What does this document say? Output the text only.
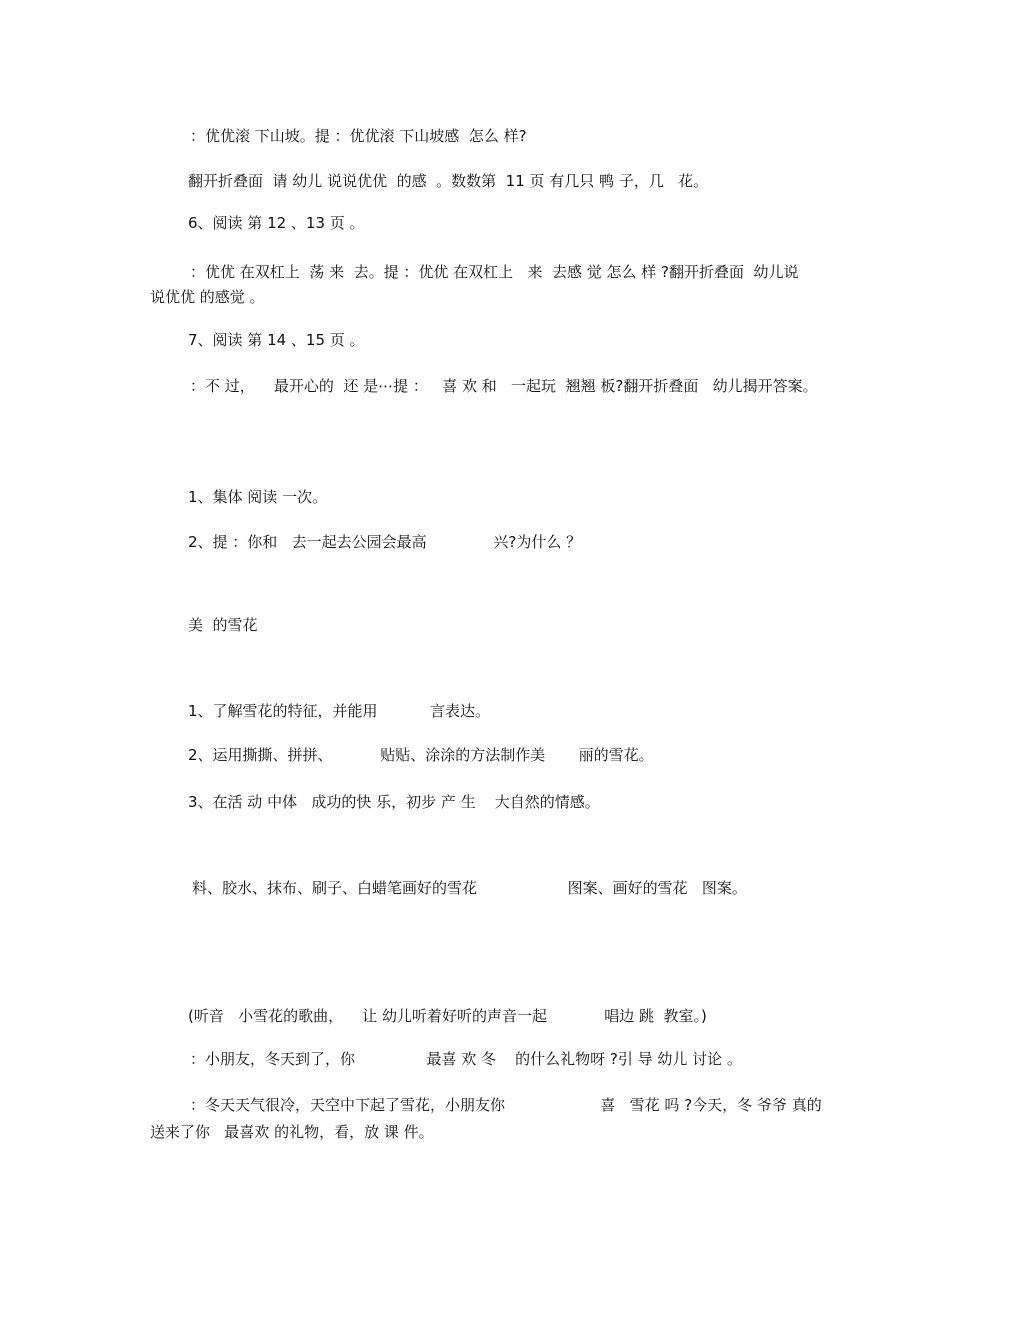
：优优滚 下山坡。提 ：优优滚 下山坡感  怎么 样?
翻开折叠面  请 幼儿 说说优优  的感  。数数第  11 页 有几只 鸭 子，几   花。
6、阅读 第 12 、13 页 。
：优优 在双杠上  荡 来  去。提 ：优优 在双杠上   来  去感 觉 怎么 样 ?翻开折叠面  幼儿说
说优优 的感觉 。
7、阅读 第 14 、15 页 。
：不 过，    最开心的  还 是⋯提 ：   喜 欢 和   一起玩  翘翘 板?翻开折叠面   幼儿揭开答案。
1、集体 阅读 一次。
2、提 ：你和   去一起去公园会最高              兴?为什么 ？
美  的雪花
1、了解雪花的特征，并能用           言表达。
2、运用撕撕、拼拼、          贴贴、涂涂的方法制作美       丽的雪花。
3、在活 动 中体   成功的快 乐，初步 产 生    大自然的情感。
料、胶水、抹布、刷子、白蜡笔画好的雪花                   图案、画好的雪花   图案。
(听音   小雪花的歌曲，    让 幼儿听着好听的声音一起            唱边 跳  教室。)
：小朋友，冬天到了，你               最喜 欢 冬    的什么礼物呀 ?引 导 幼儿 讨论 。
：冬天天气很冷，天空中下起了雪花，小朋友你                    喜   雪花 吗 ?今天，冬 爷爷 真的
送来了你   最喜欢 的礼物，看，放 课 件。
